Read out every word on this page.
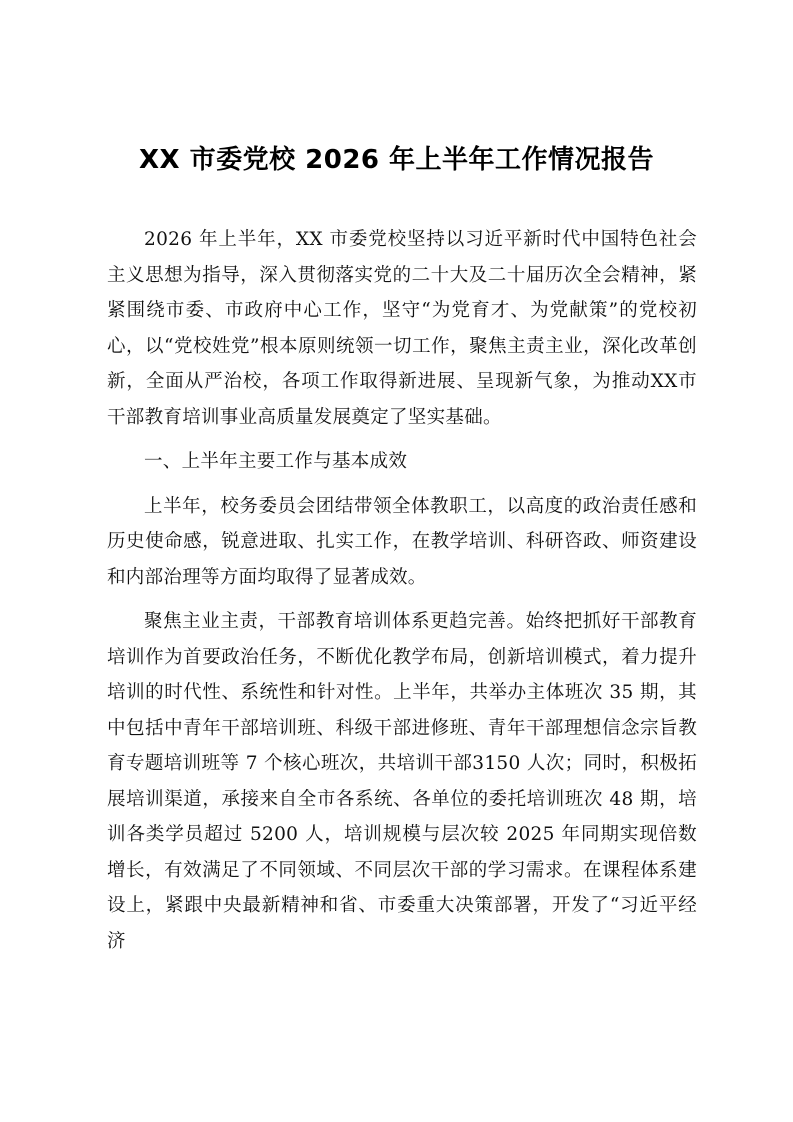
XX 市委党校 2026 年上半年工作情况报告

2026 年上半年，XX 市委党校坚持以习近平新时代中国特色社会主义思想为指导，深入贯彻落实党的二十大及二十届历次全会精神，紧紧围绕市委、市政府中心工作，坚守“为党育才、为党献策”的党校初心，以“党校姓党”根本原则统领一切工作，聚焦主责主业，深化改革创新，全面从严治校，各项工作取得新进展、呈现新气象，为推动XX市干部教育培训事业高质量发展奠定了坚实基础。

一、上半年主要工作与基本成效

上半年，校务委员会团结带领全体教职工，以高度的政治责任感和历史使命感，锐意进取、扎实工作，在教学培训、科研咨政、师资建设和内部治理等方面均取得了显著成效。

聚焦主业主责，干部教育培训体系更趋完善。始终把抓好干部教育培训作为首要政治任务，不断优化教学布局，创新培训模式，着力提升培训的时代性、系统性和针对性。上半年，共举办主体班次 35 期，其中包括中青年干部培训班、科级干部进修班、青年干部理想信念宗旨教育专题培训班等 7 个核心班次，共培训干部3150 人次；同时，积极拓展培训渠道，承接来自全市各系统、各单位的委托培训班次 48 期，培训各类学员超过 5200 人，培训规模与层次较 2025 年同期实现倍数增长，有效满足了不同领域、不同层次干部的学习需求。在课程体系建设上，紧跟中央最新精神和省、市委重大决策部署，开发了“习近平经济
